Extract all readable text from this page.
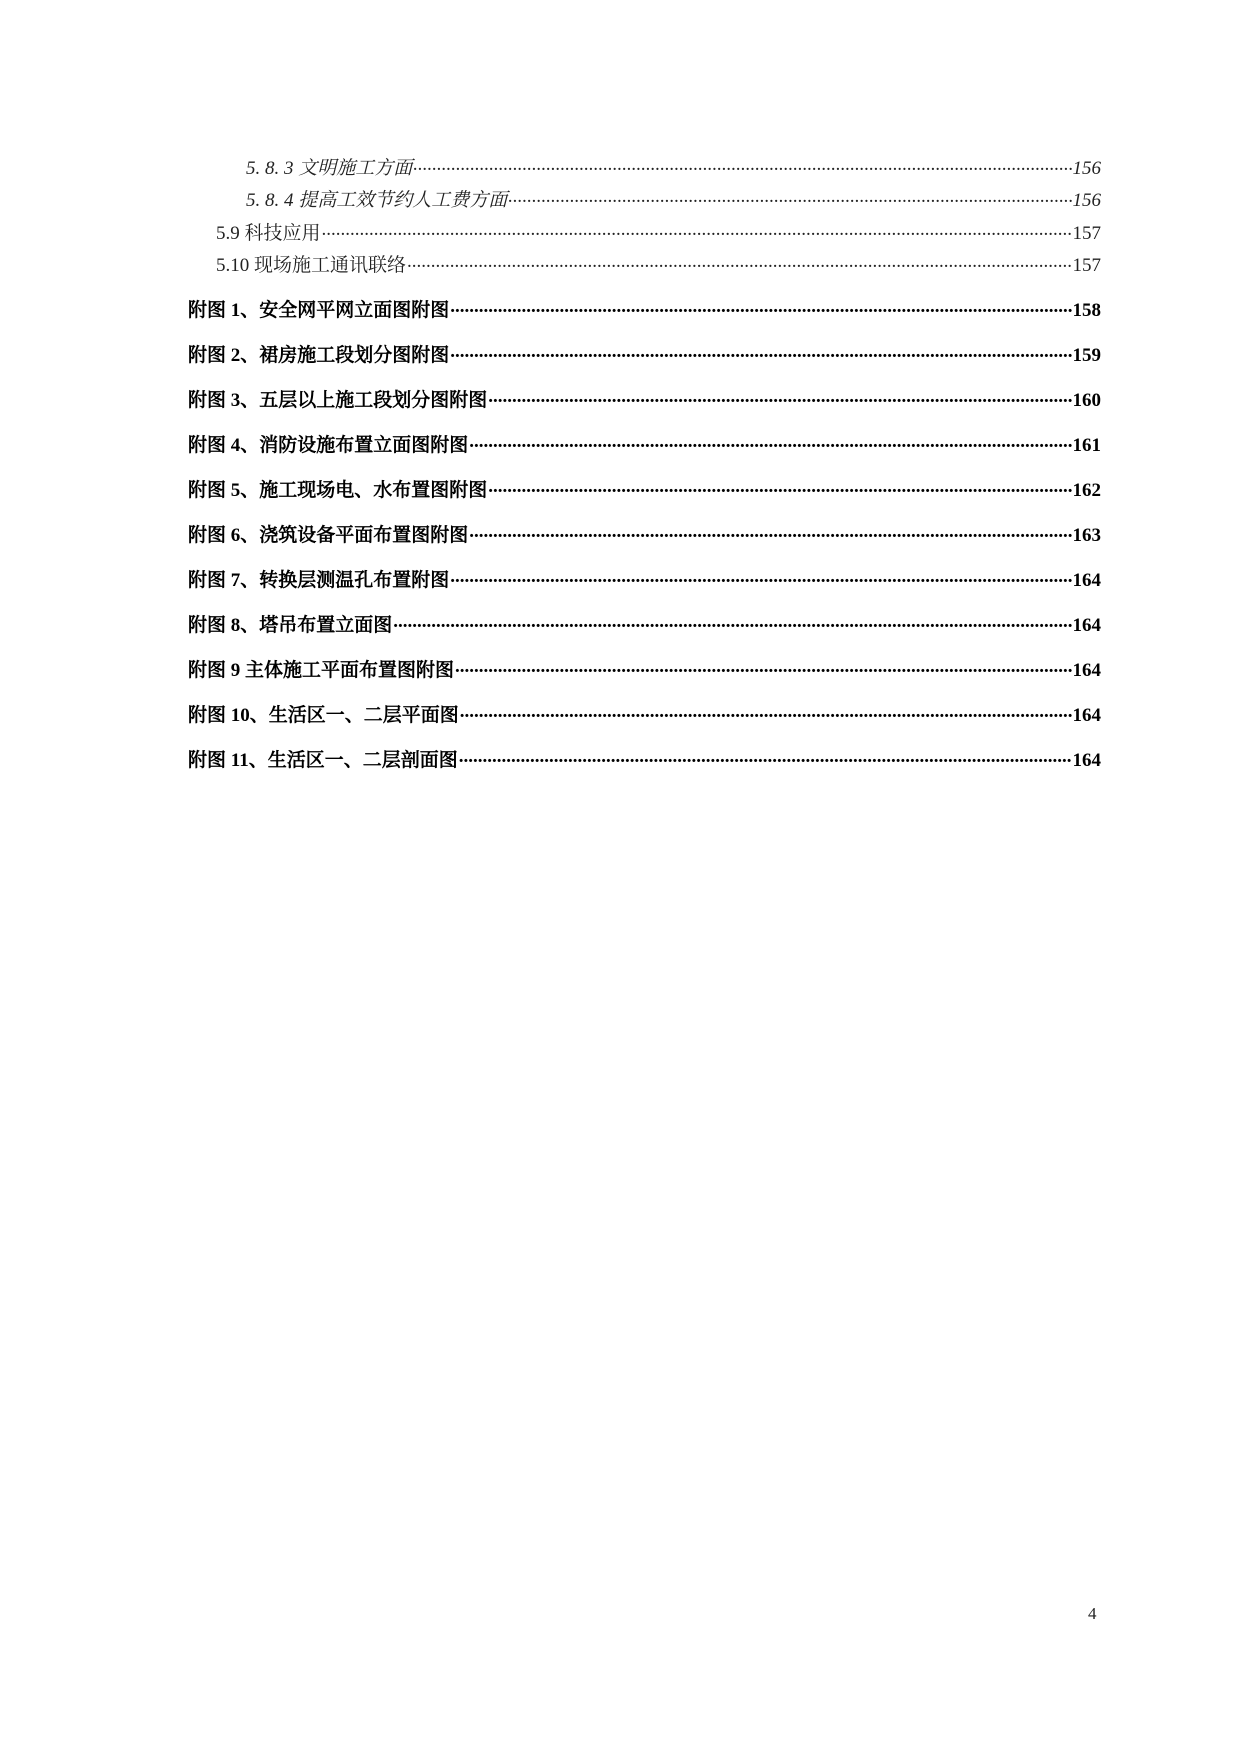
5. 8. 3 文明施工方面 .....	156
5. 8. 4 提高工效节约人工费方面 .....	156
5.9 科技应用 .....	157
5.10 现场施工通讯联络 .....	157
附图 1、安全网平网立面图附图 .....	158
附图 2、裙房施工段划分图附图 .....	159
附图 3、五层以上施工段划分图附图 .....	160
附图 4、消防设施布置立面图附图 .....	161
附图 5、施工现场电、水布置图附图 .....	162
附图 6、浇筑设备平面布置图附图 .....	163
附图 7、转换层测温孔布置附图 .....	164
附图 8、塔吊布置立面图 .....	164
附图 9 主体施工平面布置图附图 .....	164
附图 10、生活区一、二层平面图 .....	164
附图 11、生活区一、二层剖面图 .....	164
4
